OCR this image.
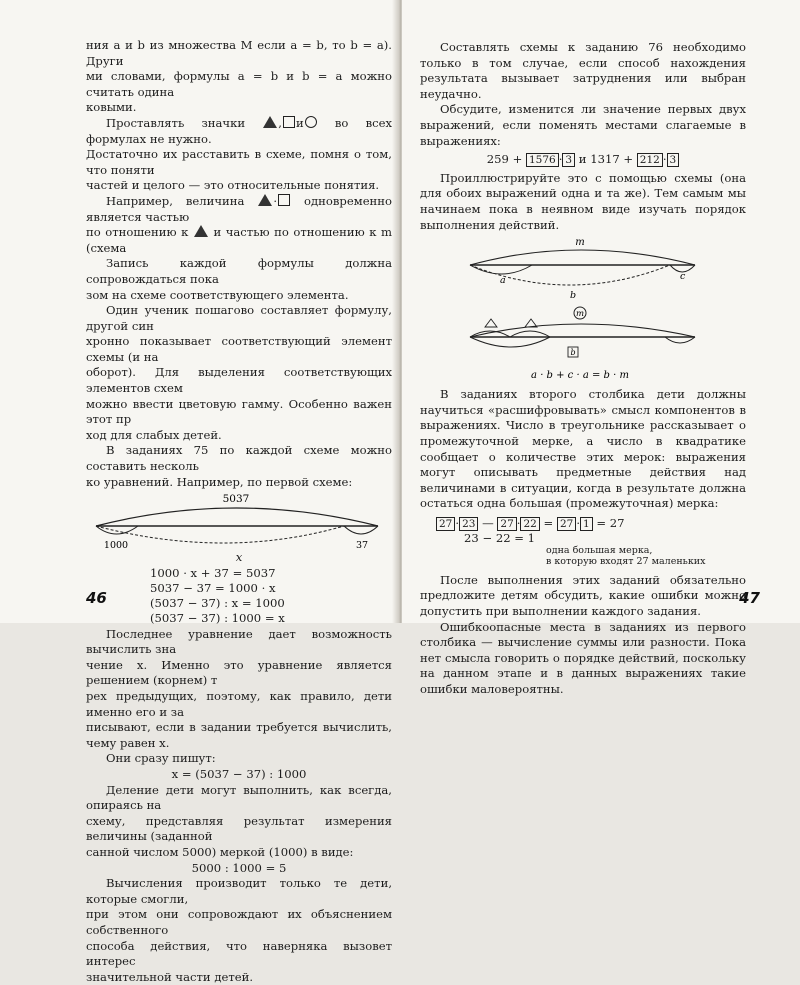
ния a и b из множества M если a = b, то b = a). Други

ми словами, формулы a = b и b = a можно считать одина

ковыми.

Проставлять значки	, и	во всех формулах не нужно.

Достаточно их расставить в схеме, помня о том, что поняти

частей и целого — это относительные понятия.

Например, величина · одновременно является частью

по отношению к и частью по отношению к m (схема

Запись каждой формулы должна сопровождаться пока

зом на схеме соответствующего элемента.

Один ученик пошагово составляет формулу, другой син

хронно показывает соответствующий элемент схемы (и на

оборот). Для выделения соответствующих элементов схем

можно ввести цветовую гамму. Особенно важен этот пр

ход для слабых детей.

В заданиях 75 по каждой схеме можно составить несколь

ко уравнений. Например, по первой схеме:

5037
1000	37
x

1000 · x + 37 = 5037

5037 − 37 = 1000 · x

(5037 − 37) : x = 1000

(5037 − 37) : 1000 = x

Последнее уравнение дает возможность вычислить зна

чение x. Именно это уравнение является решением (корнем) т

рех предыдущих, поэтому, как правило, дети именно его и за

писывают, если в задании требуется вычислить, чему равен x.

Они сразу пишут:

x = (5037 − 37) : 1000

Деление дети могут выполнить, как всегда, опираясь на

схему, представляя результат измерения величины (заданной

санной числом 5000) меркой (1000) в виде:

5000 : 1000 = 5

Вычисления производит только те дети, которые смогли,

при этом они сопровождают их объяснением собственного

способа действия, что наверняка вызовет интерес

значительной части детей.

46

Составлять схемы к заданию 76 необходимо только в том случае, если способ нахождения результата вызывает затруднения или выбран неудачно.

Обсудите, изменится ли значение первых двух выражений, если поменять местами слагаемые в выражениях:

259 + 1576 · 3 и 1317 + 212 · 3

Проиллюстрируйте это с помощью схемы (она для обоих выражений одна и та же). Тем самым мы начинаем пока в неявном виде изучать порядок выполнения действий.

m
a	c
b
m
b
a · b + c · a = b · m

В заданиях второго столбика дети должны научиться «расшифровывать» смысл компонентов в выражениях. Число в треугольнике рассказывает о промежуточной мерке, а число в квадратике сообщает о количестве этих мерок: выражения могут описывать предметные действия над величинами в ситуации, когда в результате должна остаться одна большая (промежуточная) мерка:

27 · 23 — 27 · 22 = 27 · 1 = 27
23 − 22 = 1
одна большая мерка,
в которую входят 27 маленьких

После выполнения этих заданий обязательно предложите детям обсудить, какие ошибки можно допустить при выполнении каждого задания.

Ошибкоопасные места в заданиях из первого столбика — вычисление суммы или разности. Пока нет смысла говорить о порядке действий, поскольку на данном этапе и в данных выражениях такие ошибки маловероятны.

47
